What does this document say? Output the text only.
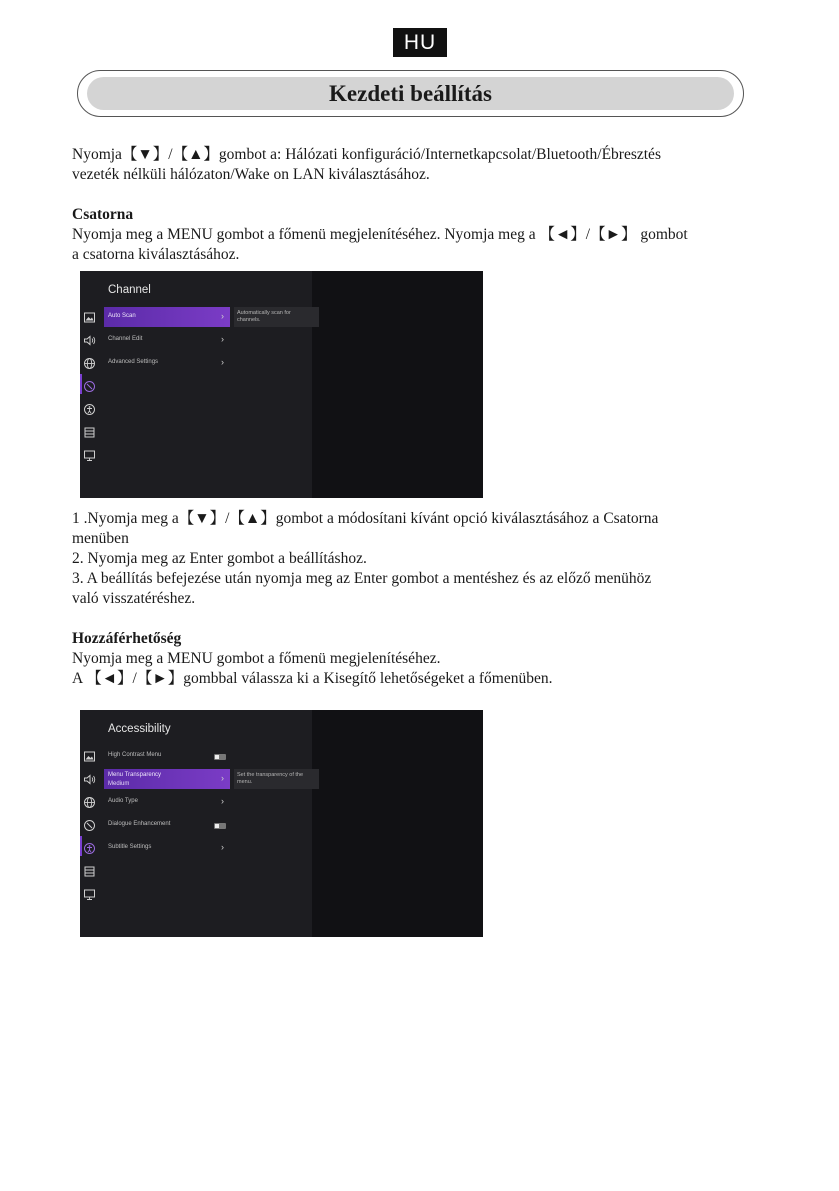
HU
Kezdeti beállítás
Nyomja【▼】/【▲】gombot a: Hálózati konfiguráció/Internetkapcsolat/Bluetooth/Ébresztés
vezeték nélküli hálózaton/Wake on LAN kiválasztásához.
Csatorna
Nyomja meg a MENU gombot a főmenü megjelenítéséhez. Nyomja meg a 【◄】/【►】 gombot
a csatorna kiválasztásához.
Channel
Auto Scan	›
Channel Edit	›
Advanced Settings	›
Automatically scan for channels.
1 .Nyomja meg a【▼】/【▲】gombot a módosítani kívánt opció kiválasztásához a Csatorna
menüben
2. Nyomja meg az Enter gombot a beállításhoz.
3. A beállítás befejezése után nyomja meg az Enter gombot a mentéshez és az előző menühöz
való visszatéréshez.
Hozzáférhetőség
Nyomja meg a MENU gombot a főmenü megjelenítéséhez.
A 【◄】/【►】gombbal válassza ki a Kisegítő lehetőségeket a főmenüben.
Accessibility
High Contrast Menu
Menu Transparency
Medium
›
Audio Type	›
Dialogue Enhancement
Subtitle Settings	›
Set the transparency of the menu.
